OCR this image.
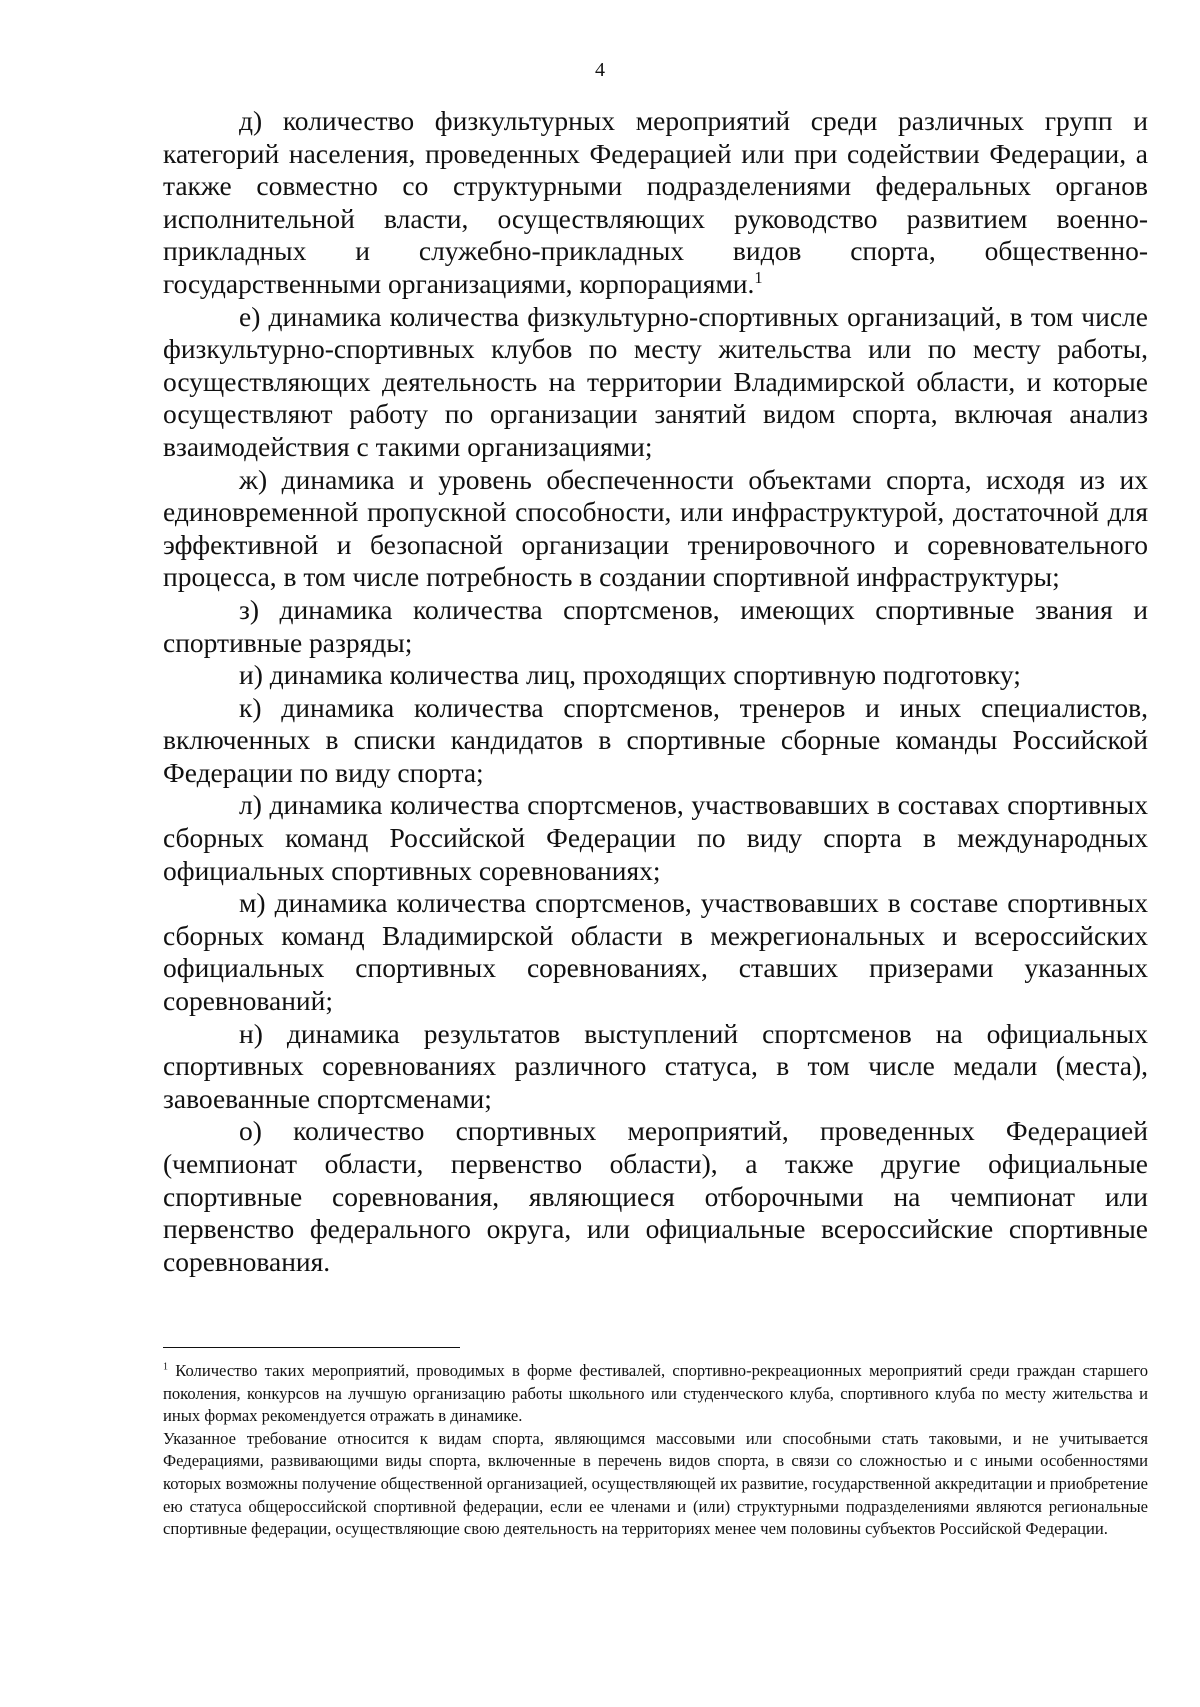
4

д) количество физкультурных мероприятий среди различных групп и категорий населения, проведенных Федерацией или при содействии Федерации, а также совместно со структурными подразделениями федеральных органов исполнительной власти, осуществляющих руководство развитием военно-прикладных и служебно-прикладных видов спорта, общественно-государственными организациями, корпорациями.$^1$

е) динамика количества физкультурно-спортивных организаций, в том числе физкультурно-спортивных клубов по месту жительства или по месту работы, осуществляющих деятельность на территории Владимирской области, и которые осуществляют работу по организации занятий видом спорта, включая анализ взаимодействия с такими организациями;

ж) динамика и уровень обеспеченности объектами спорта, исходя из их единовременной пропускной способности, или инфраструктурой, достаточной для эффективной и безопасной организации тренировочного и соревновательного процесса, в том числе потребность в создании спортивной инфраструктуры;

з) динамика количества спортсменов, имеющих спортивные звания и спортивные разряды;

и) динамика количества лиц, проходящих спортивную подготовку;

к) динамика количества спортсменов, тренеров и иных специалистов, включенных в списки кандидатов в спортивные сборные команды Российской Федерации по виду спорта;

л) динамика количества спортсменов, участвовавших в составах спортивных сборных команд Российской Федерации по виду спорта в международных официальных спортивных соревнованиях;

м) динамика количества спортсменов, участвовавших в составе спортивных сборных команд Владимирской области в межрегиональных и всероссийских официальных спортивных соревнованиях, ставших призерами указанных соревнований;

н) динамика результатов выступлений спортсменов на официальных спортивных соревнованиях различного статуса, в том числе медали (места), завоеванные спортсменами;

о) количество спортивных мероприятий, проведенных Федерацией (чемпионат области, первенство области), а также другие официальные спортивные соревнования, являющиеся отборочными на чемпионат или первенство федерального округа, или официальные всероссийские спортивные соревнования.

$^1$ Количество таких мероприятий, проводимых в форме фестивалей, спортивно-рекреационных мероприятий среди граждан старшего поколения, конкурсов на лучшую организацию работы школьного или студенческого клуба, спортивного клуба по месту жительства и иных формах рекомендуется отражать в динамике.

Указанное требование относится к видам спорта, являющимся массовыми или способными стать таковыми, и не учитывается Федерациями, развивающими виды спорта, включенные в перечень видов спорта, в связи со сложностью и с иными особенностями которых возможны получение общественной организацией, осуществляющей их развитие, государственной аккредитации и приобретение ею статуса общероссийской спортивной федерации, если ее членами и (или) структурными подразделениями являются региональные спортивные федерации, осуществляющие свою деятельность на территориях менее чем половины субъектов Российской Федерации.
